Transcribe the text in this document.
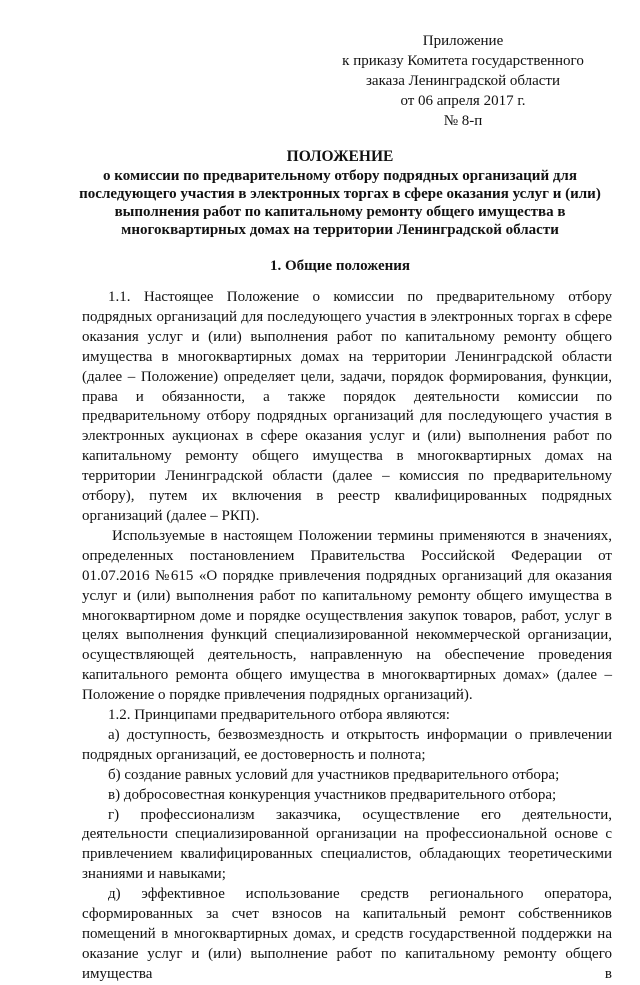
Приложение
к приказу Комитета государственного
заказа Ленинградской области
от 06 апреля 2017 г.
№ 8-п
ПОЛОЖЕНИЕ
о комиссии по предварительному отбору подрядных организаций для
последующего участия в электронных торгах в сфере оказания услуг и (или)
выполнения работ по капитальному ремонту общего имущества в
многоквартирных домах на территории Ленинградской области
1. Общие положения

1.1. Настоящее Положение о комиссии по предварительному отбору подрядных организаций для последующего участия в электронных торгах в сфере оказания услуг и (или) выполнения работ по капитальному ремонту общего имущества в многоквартирных домах на территории Ленинградской области (далее – Положение) определяет цели, задачи, порядок формирования, функции, права и обязанности, а также порядок деятельности комиссии по предварительному отбору подрядных организаций для последующего участия в электронных аукционах в сфере оказания услуг и (или) выполнения работ по капитальному ремонту общего имущества в многоквартирных домах на территории Ленинградской области (далее – комиссия по предварительному отбору), путем их включения в реестр квалифицированных подрядных организаций (далее – РКП).

Используемые в настоящем Положении термины применяются в значениях, определенных постановлением Правительства Российской Федерации от 01.07.2016 №615 «О порядке привлечения подрядных организаций для оказания услуг и (или) выполнения работ по капитальному ремонту общего имущества в многоквартирном доме и порядке осуществления закупок товаров, работ, услуг в целях выполнения функций специализированной некоммерческой организации, осуществляющей деятельность, направленную на обеспечение проведения капитального ремонта общего имущества в многоквартирных домах» (далее – Положение о порядке привлечения подрядных организаций).

1.2. Принципами предварительного отбора являются:

а) доступность, безвозмездность и открытость информации о привлечении подрядных организаций, ее достоверность и полнота;

б) создание равных условий для участников предварительного отбора;

в) добросовестная конкуренция участников предварительного отбора;

г) профессионализм заказчика, осуществление его деятельности, деятельности специализированной организации на профессиональной основе с привлечением квалифицированных специалистов, обладающих теоретическими знаниями и навыками;

д) эффективное использование средств регионального оператора, сформированных за счет взносов на капитальный ремонт собственников помещений в многоквартирных домах, и средств государственной поддержки на оказание услуг и (или) выполнение работ по капитальному ремонту общего имущества в
